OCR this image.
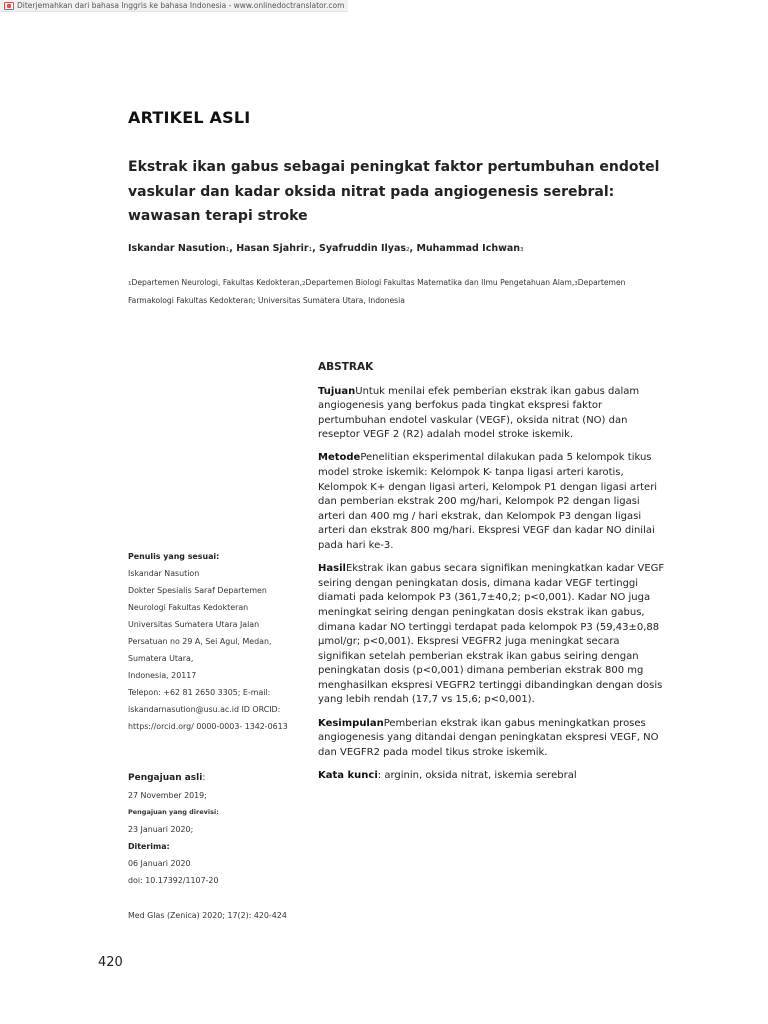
Diterjemahkan dari bahasa Inggris ke bahasa Indonesia - www.onlinedoctranslator.com
ARTIKEL ASLI
Ekstrak ikan gabus sebagai peningkat faktor pertumbuhan endotel vaskular dan kadar oksida nitrat pada angiogenesis serebral: wawasan terapi stroke
Iskandar Nasution1, Hasan Sjahrir1, Syafruddin Ilyas2, Muhammad Ichwan3
1Departemen Neurologi, Fakultas Kedokteran,2Departemen Biologi Fakultas Matematika dan Ilmu Pengetahuan Alam,3Departemen Farmakologi Fakultas Kedokteran; Universitas Sumatera Utara, Indonesia
Penulis yang sesuai:
Iskandar Nasution
Dokter Spesialis Saraf Departemen
Neurologi Fakultas Kedokteran
Universitas Sumatera Utara Jalan
Persatuan no 29 A, Sei Agul, Medan,
Sumatera Utara,
Indonesia, 20117
Telepon: +62 81 2650 3305; E-mail:
iskandarnasution@usu.ac.id ID ORCID:
https://orcid.org/ 0000-0003- 1342-0613
Pengajuan asli:
27 November 2019;
Pengajuan yang direvisi:
23 Januari 2020;
Diterima:
06 Januari 2020
doi: 10.17392/1107-20
Med Glas (Zenica) 2020; 17(2): 420-424
ABSTRAK

TujuanUntuk menilai efek pemberian ekstrak ikan gabus dalam angiogenesis yang berfokus pada tingkat ekspresi faktor pertumbuhan endotel vaskular (VEGF), oksida nitrat (NO) dan reseptor VEGF 2 (R2) adalah model stroke iskemik.

MetodePenelitian eksperimental dilakukan pada 5 kelompok tikus model stroke iskemik: Kelompok K- tanpa ligasi arteri karotis, Kelompok K+ dengan ligasi arteri, Kelompok P1 dengan ligasi arteri dan pemberian ekstrak 200 mg/hari, Kelompok P2 dengan ligasi arteri dan 400 mg / hari ekstrak, dan Kelompok P3 dengan ligasi arteri dan ekstrak 800 mg/hari. Ekspresi VEGF dan kadar NO dinilai pada hari ke-3.

HasilEkstrak ikan gabus secara signifikan meningkatkan kadar VEGF seiring dengan peningkatan dosis, dimana kadar VEGF tertinggi diamati pada kelompok P3 (361,7±40,2; p<0,001). Kadar NO juga meningkat seiring dengan peningkatan dosis ekstrak ikan gabus, dimana kadar NO tertinggi terdapat pada kelompok P3 (59,43±0,88 μmol/gr; p<0,001). Ekspresi VEGFR2 juga meningkat secara signifikan setelah pemberian ekstrak ikan gabus seiring dengan peningkatan dosis (p<0,001) dimana pemberian ekstrak 800 mg menghasilkan ekspresi VEGFR2 tertinggi dibandingkan dengan dosis yang lebih rendah (17,7 vs 15,6; p<0,001).

KesimpulanPemberian ekstrak ikan gabus meningkatkan proses angiogenesis yang ditandai dengan peningkatan ekspresi VEGF, NO dan VEGFR2 pada model tikus stroke iskemik.

Kata kunci: arginin, oksida nitrat, iskemia serebral

420
